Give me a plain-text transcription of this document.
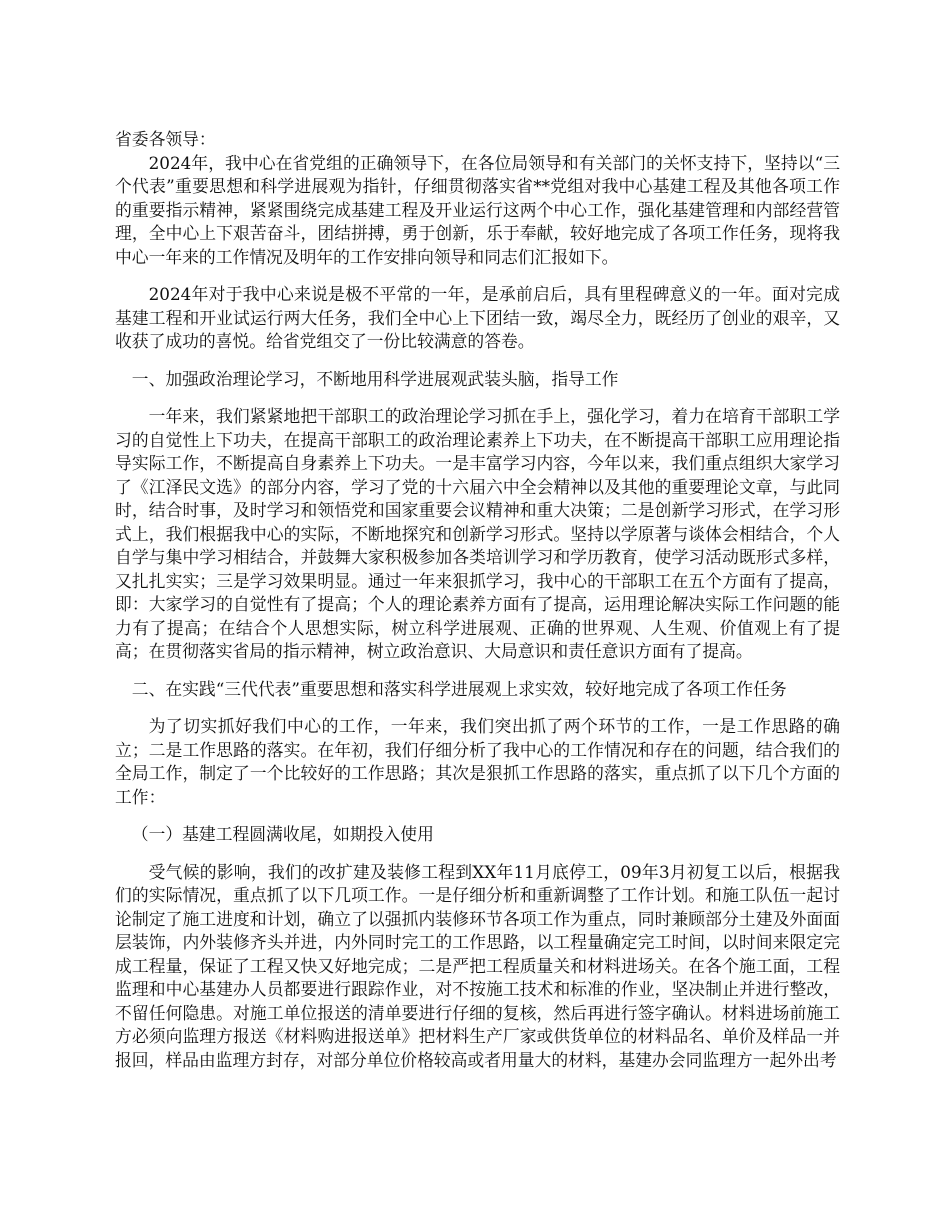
省委各领导：

2024年，我中心在省党组的正确领导下，在各位局领导和有关部门的关怀支持下，坚持以“三个代表”重要思想和科学进展观为指针，仔细贯彻落实省**党组对我中心基建工程及其他各项工作的重要指示精神，紧紧围绕完成基建工程及开业运行这两个中心工作，强化基建管理和内部经营管理，全中心上下艰苦奋斗，团结拼搏，勇于创新，乐于奉献，较好地完成了各项工作任务，现将我中心一年来的工作情况及明年的工作安排向领导和同志们汇报如下。

2024年对于我中心来说是极不平常的一年，是承前启后，具有里程碑意义的一年。面对完成基建工程和开业试运行两大任务，我们全中心上下团结一致，竭尽全力，既经历了创业的艰辛，又收获了成功的喜悦。给省党组交了一份比较满意的答卷。

一、加强政治理论学习，不断地用科学进展观武装头脑，指导工作

一年来，我们紧紧地把干部职工的政治理论学习抓在手上，强化学习，着力在培育干部职工学习的自觉性上下功夫，在提高干部职工的政治理论素养上下功夫，在不断提高干部职工应用理论指导实际工作，不断提高自身素养上下功夫。一是丰富学习内容，今年以来，我们重点组织大家学习了《江泽民文选》的部分内容，学习了党的十六届六中全会精神以及其他的重要理论文章，与此同时，结合时事，及时学习和领悟党和国家重要会议精神和重大决策；二是创新学习形式，在学习形式上，我们根据我中心的实际，不断地探究和创新学习形式。坚持以学原著与谈体会相结合，个人自学与集中学习相结合，并鼓舞大家积极参加各类培训学习和学历教育，使学习活动既形式多样，又扎扎实实；三是学习效果明显。通过一年来狠抓学习，我中心的干部职工在五个方面有了提高，即：大家学习的自觉性有了提高；个人的理论素养方面有了提高，运用理论解决实际工作问题的能力有了提高；在结合个人思想实际，树立科学进展观、正确的世界观、人生观、价值观上有了提高；在贯彻落实省局的指示精神，树立政治意识、大局意识和责任意识方面有了提高。

二、在实践“三代代表”重要思想和落实科学进展观上求实效，较好地完成了各项工作任务

为了切实抓好我们中心的工作，一年来，我们突出抓了两个环节的工作，一是工作思路的确立；二是工作思路的落实。在年初，我们仔细分析了我中心的工作情况和存在的问题，结合我们的全局工作，制定了一个比较好的工作思路；其次是狠抓工作思路的落实，重点抓了以下几个方面的工作：

（一）基建工程圆满收尾，如期投入使用

受气候的影响，我们的改扩建及装修工程到XX年11月底停工，09年3月初复工以后，根据我们的实际情况，重点抓了以下几项工作。一是仔细分析和重新调整了工作计划。和施工队伍一起讨论制定了施工进度和计划，确立了以强抓内装修环节各项工作为重点，同时兼顾部分土建及外面面层装饰，内外装修齐头并进，内外同时完工的工作思路，以工程量确定完工时间，以时间来限定完成工程量，保证了工程又快又好地完成；二是严把工程质量关和材料进场关。在各个施工面，工程监理和中心基建办人员都要进行跟踪作业，对不按施工技术和标准的作业，坚决制止并进行整改，不留任何隐患。对施工单位报送的清单要进行仔细的复核，然后再进行签字确认。材料进场前施工方必须向监理方报送《材料购进报送单》把材料生产厂家或供货单位的材料品名、单价及样品一并报回，样品由监理方封存，对部分单位价格较高或者用量大的材料，基建办会同监理方一起外出考
